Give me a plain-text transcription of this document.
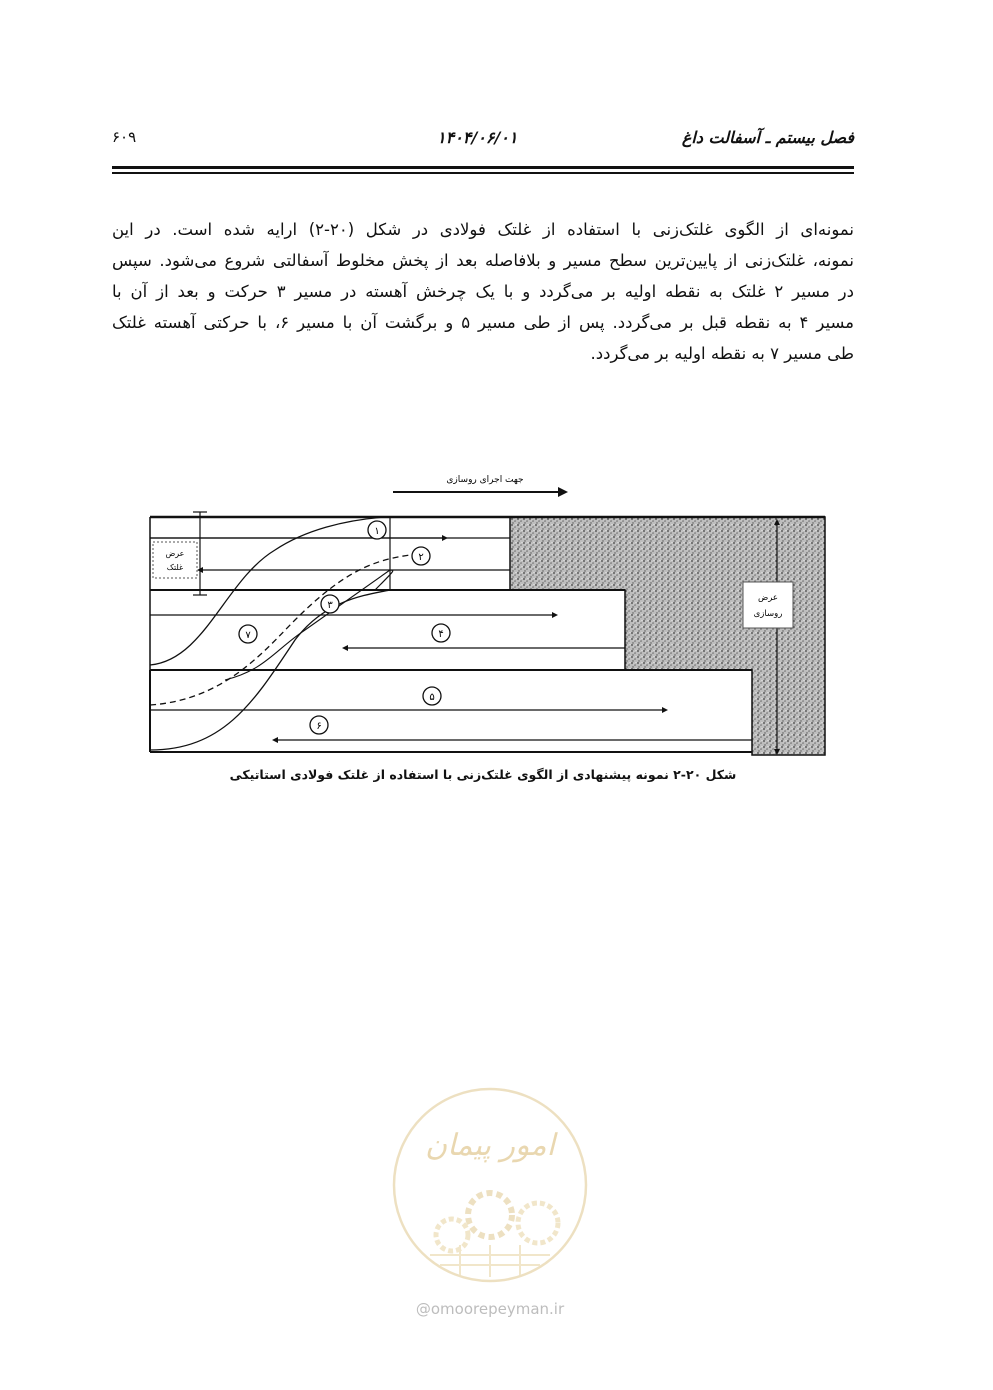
فصل بیستم ـ آسفالت داغ
۱۴۰۴/۰۶/۰۱
۶۰۹
نمونه‌ای از الگوی غلتک‌زنی با استفاده از غلتک فولادی در شکل (۲۰-۲) ارایه شده است. در این
نمونه، غلتک‌زنی از پایین‌ترین سطح مسیر و بلافاصله بعد از پخش مخلوط آسفالتی شروع می‌شود. سپس
در مسیر ۲ غلتک به نقطه اولیه بر می‌گردد و با یک چرخش آهسته در مسیر ۳ حرکت و بعد از آن با
مسیر ۴ به نقطه قبل بر می‌گردد. پس از طی مسیر ۵ و برگشت آن با مسیر ۶، با حرکتی آهسته غلتک
طی مسیر ۷ به نقطه اولیه بر می‌گردد.
جهت اجرای روسازی
عرض
غلتک
عرض
روسازی
۱
۲
۳
۴
۵
۶
۷
شکل ۲۰-۲ نمونه پیشنهادی از الگوی غلتک‌زنی با استفاده از غلتک فولادی استاتیکی
امور پیمان
@omoorepeyman.ir
